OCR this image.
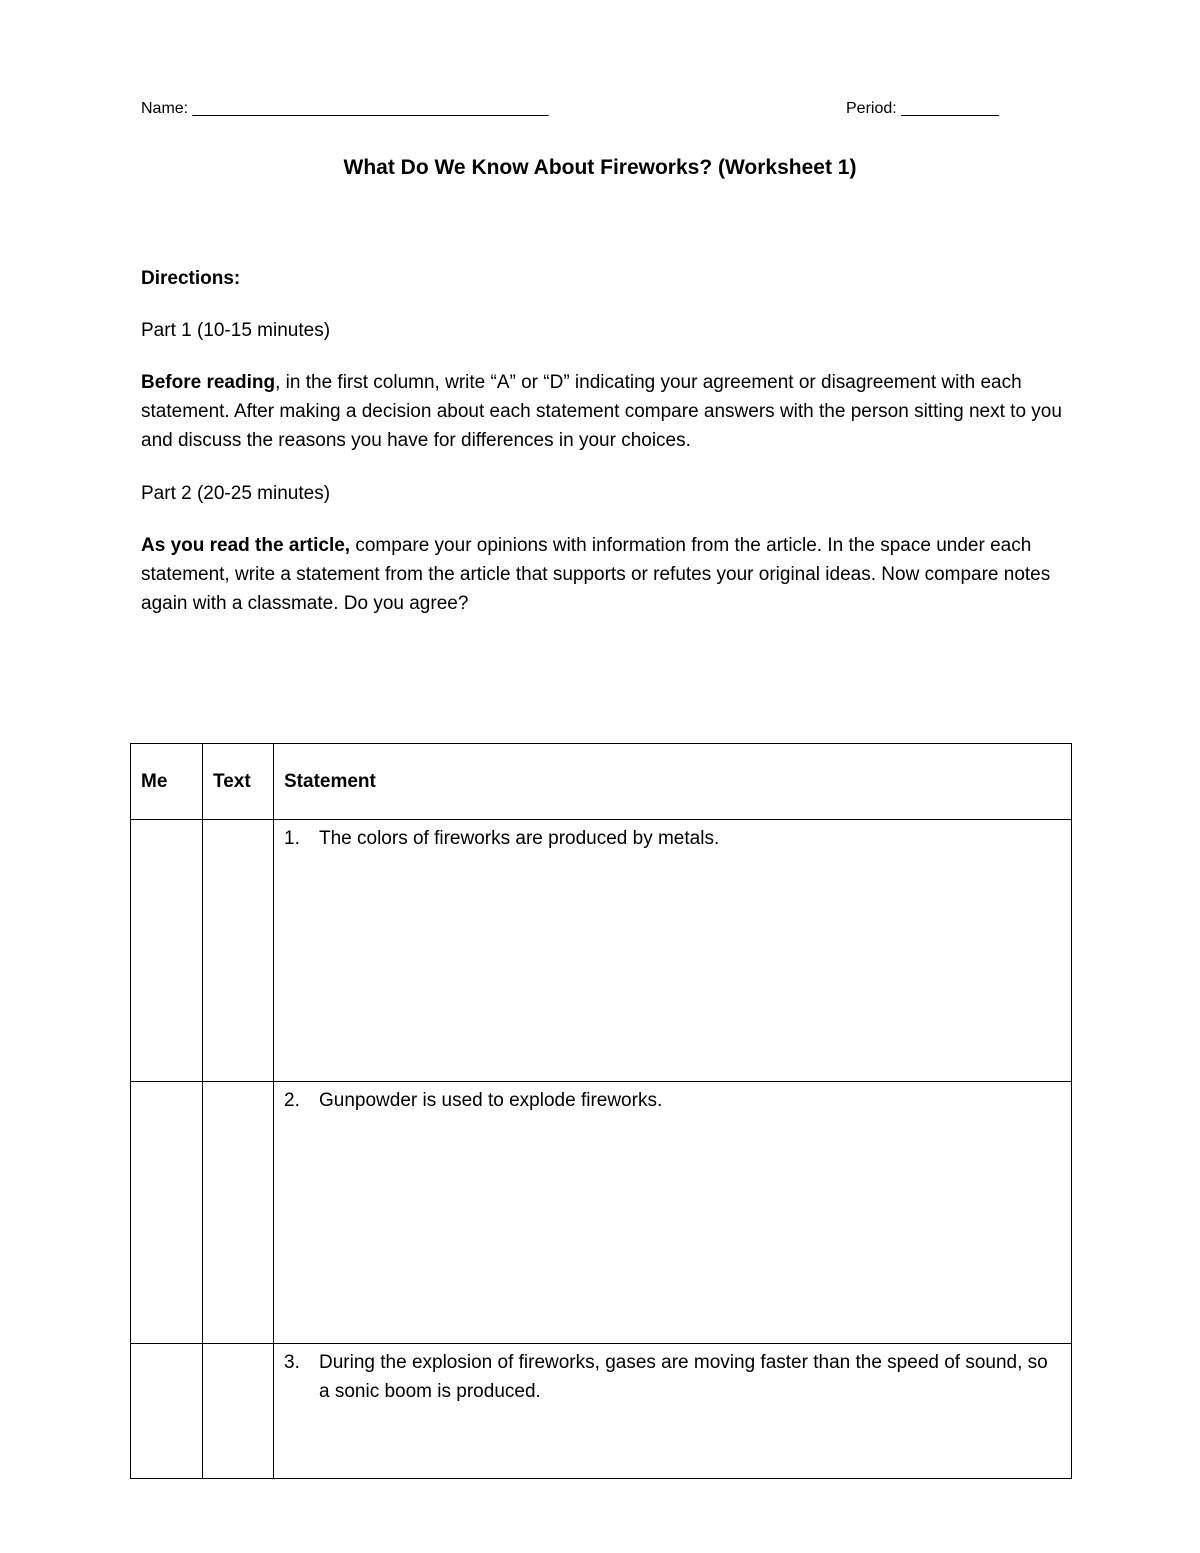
Name: ________________________________________	Period: ___________
What Do We Know About Fireworks? (Worksheet 1)
Directions:
Part 1 (10-15 minutes)
Before reading, in the first column, write “A” or “D” indicating your agreement or disagreement with each statement. After making a decision about each statement compare answers with the person sitting next to you and discuss the reasons you have for differences in your choices.
Part 2 (20-25 minutes)
As you read the article, compare your opinions with information from the article. In the space under each statement, write a statement from the article that supports or refutes your original ideas. Now compare notes again with a classmate. Do you agree?
Me	Text	Statement

		1. The colors of fireworks are produced by metals.

		2. Gunpowder is used to explode fireworks.

		3. During the explosion of fireworks, gases are moving faster than the speed of sound, so a sonic boom is produced.
